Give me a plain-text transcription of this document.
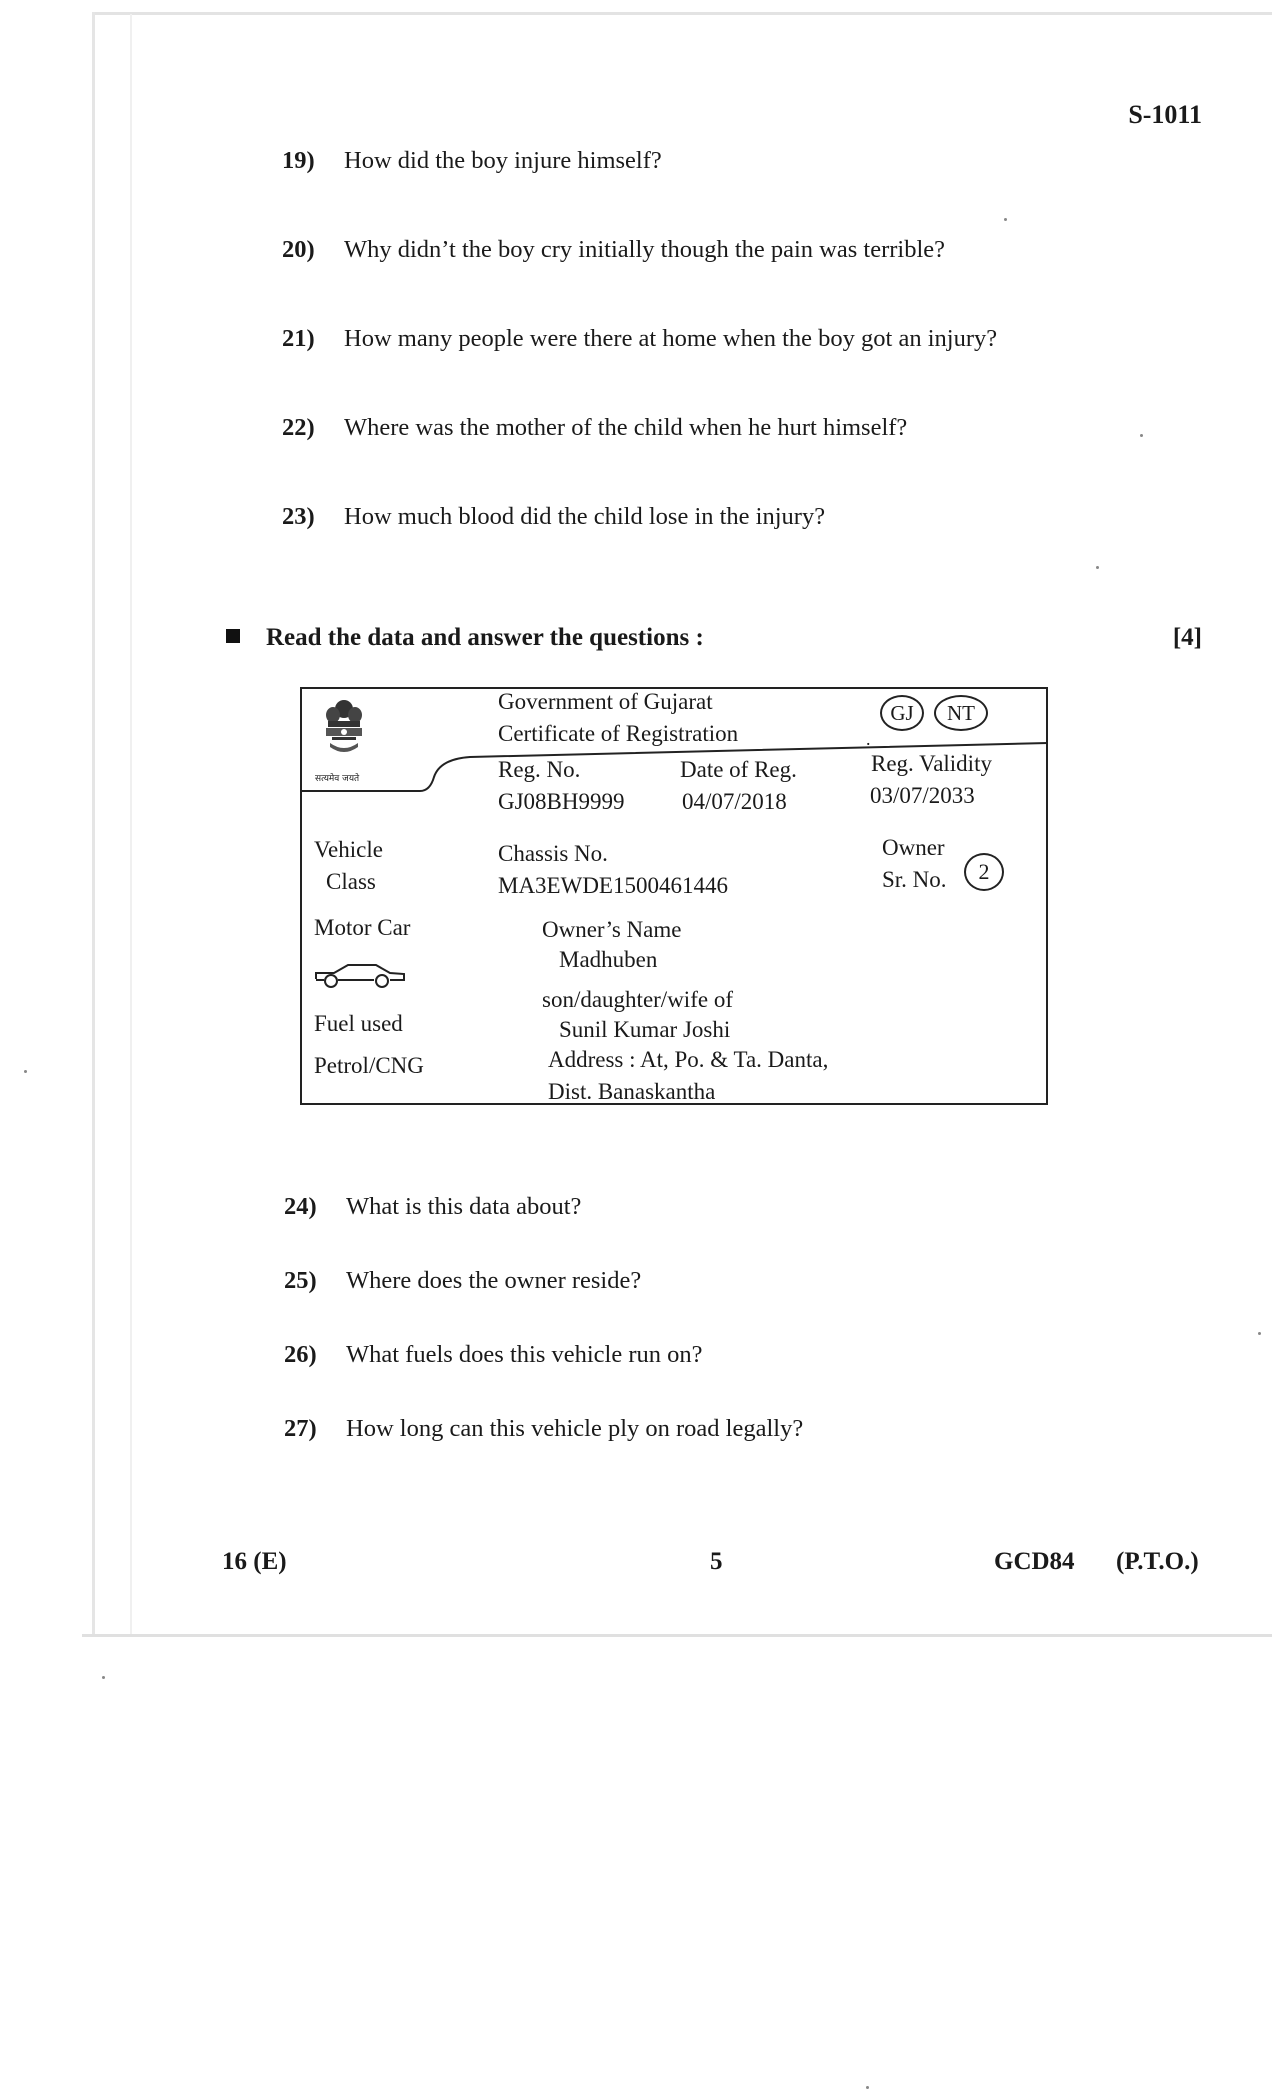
S-1011
19) How did the boy injure himself?
20) Why didn’t the boy cry initially though the pain was terrible?
21) How many people were there at home when the boy got an injury?
22) Where was the mother of the child when he hurt himself?
23) How much blood did the child lose in the injury?
Read the data and answer the questions :	[4]
सत्यमेव जयते
Government of Gujarat
Certificate of Registration	.
GJ	NT
Reg. No.
GJ08BH9999
Date of Reg.
04/07/2018
Reg. Validity
03/07/2033
Vehicle
Class
Motor Car
Fuel used
Petrol/CNG
Chassis No.
MA3EWDE1500461446
Owner
Sr. No.	2
Owner’s Name
Madhuben
son/daughter/wife of
Sunil Kumar Joshi
Address : At, Po. & Ta. Danta,
Dist. Banaskantha
24) What is this data about?
25) Where does the owner reside?
26) What fuels does this vehicle run on?
27) How long can this vehicle ply on road legally?
16 (E)	5	GCD84 (P.T.O.)
